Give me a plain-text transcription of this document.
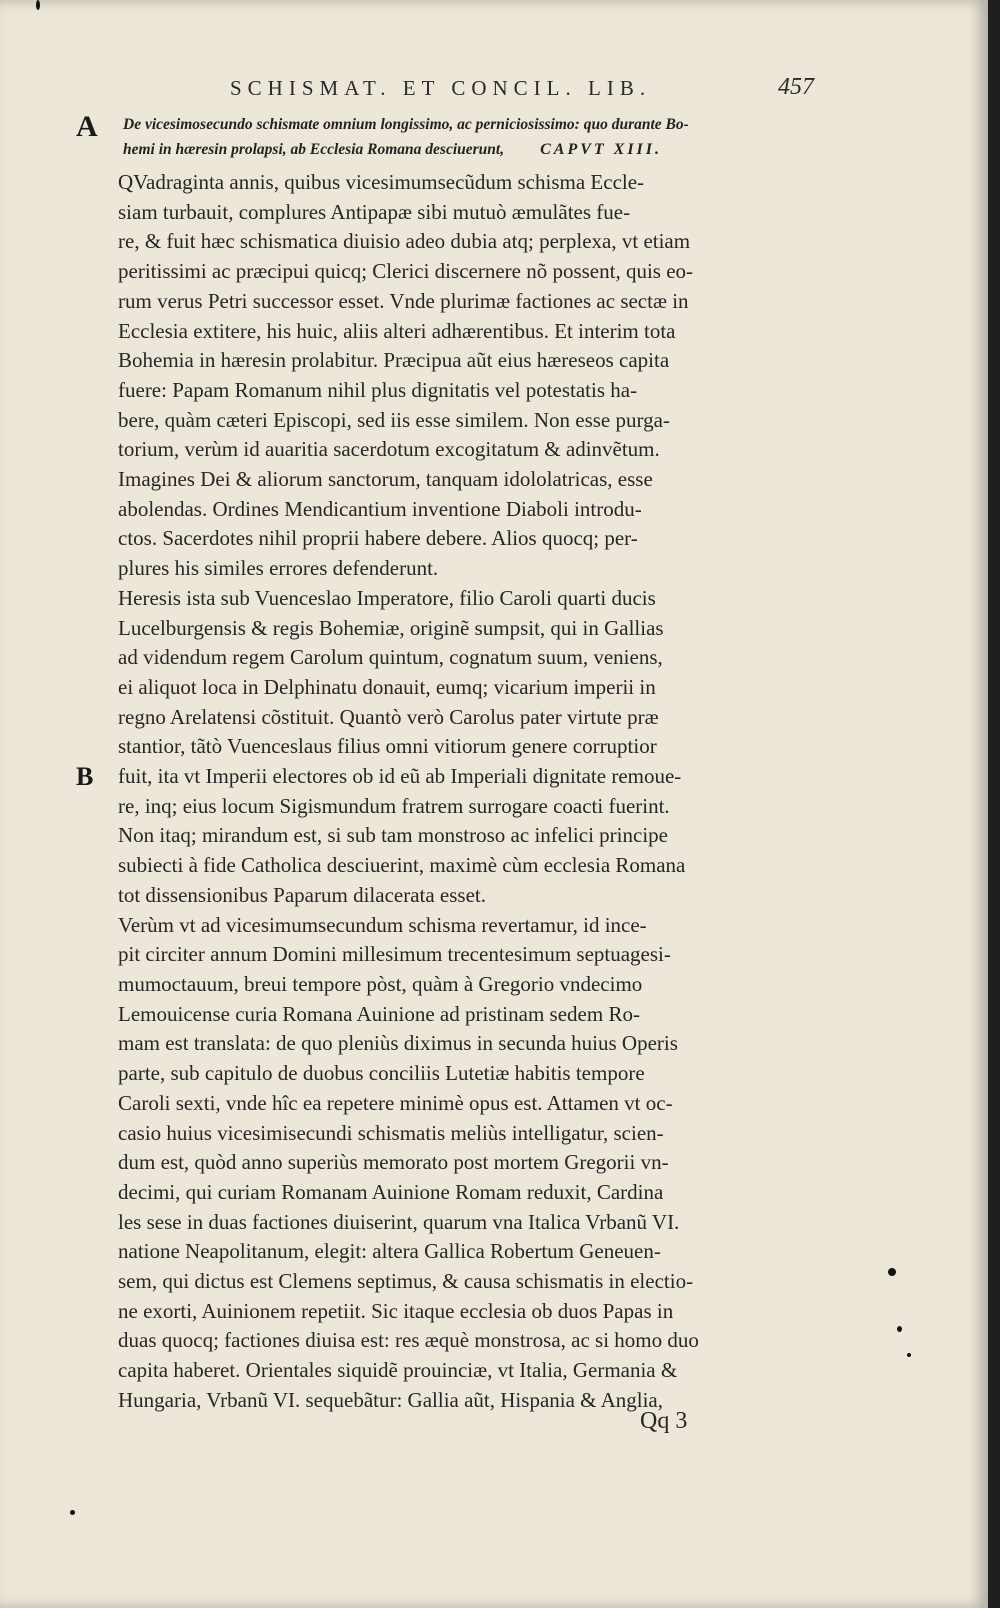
SCHISMAT. ET CONCIL. LIB.	457
A
B
De vicesimosecundo schismate omnium longissimo, ac perniciosissimo: quo durante Bo-
hemi in hæresin prolapsi, ab Ecclesia Romana desciuerunt, CAPVT XIII.
QVadraginta annis, quibus vicesimumsecũdum schisma Eccle-
siam turbauit, complures Antipapæ sibi mutuò æmulãtes fue-
re, & fuit hæc schismatica diuisio adeo dubia atq; perplexa, vt etiam
peritissimi ac præcipui quicq; Clerici discernere nõ possent, quis eo-
rum verus Petri successor esset. Vnde plurimæ factiones ac sectæ in
Ecclesia extitere, his huic, aliis alteri adhærentibus. Et interim tota
Bohemia in hæresin prolabitur. Præcipua aũt eius hæreseos capita
fuere: Papam Romanum nihil plus dignitatis vel potestatis ha-
bere, quàm cæteri Episcopi, sed iis esse similem. Non esse purga-
torium, verùm id auaritia sacerdotum excogitatum & adinvẽtum.
Imagines Dei & aliorum sanctorum, tanquam idololatricas, esse
abolendas. Ordines Mendicantium inventione Diaboli introdu-
ctos. Sacerdotes nihil proprii habere debere. Alios quocq; per-
plures his similes errores defenderunt.
Heresis ista sub Vuenceslao Imperatore, filio Caroli quarti ducis
Lucelburgensis & regis Bohemiæ, originẽ sumpsit, qui in Gallias
ad videndum regem Carolum quintum, cognatum suum, veniens,
ei aliquot loca in Delphinatu donauit, eumq; vicarium imperii in
regno Arelatensi cõstituit. Quantò verò Carolus pater virtute præ
stantior, tãtò Vuenceslaus filius omni vitiorum genere corruptior
fuit, ita vt Imperii electores ob id eũ ab Imperiali dignitate remoue-
re, inq; eius locum Sigismundum fratrem surrogare coacti fuerint.
Non itaq; mirandum est, si sub tam monstroso ac infelici principe
subiecti à fide Catholica desciuerint, maximè cùm ecclesia Romana
tot dissensionibus Paparum dilacerata esset.
Verùm vt ad vicesimumsecundum schisma revertamur, id ince-
pit circiter annum Domini millesimum trecentesimum septuagesi-
mumoctauum, breui tempore pòst, quàm à Gregorio vndecimo
Lemouicense curia Romana Auinione ad pristinam sedem Ro-
mam est translata: de quo pleniùs diximus in secunda huius Operis
parte, sub capitulo de duobus conciliis Lutetiæ habitis tempore
Caroli sexti, vnde hîc ea repetere minimè opus est. Attamen vt oc-
casio huius vicesimisecundi schismatis meliùs intelligatur, scien-
dum est, quòd anno superiùs memorato post mortem Gregorii vn-
decimi, qui curiam Romanam Auinione Romam reduxit, Cardina
les sese in duas factiones diuiserint, quarum vna Italica Vrbanũ VI.
natione Neapolitanum, elegit: altera Gallica Robertum Geneuen-
sem, qui dictus est Clemens septimus, & causa schismatis in electio-
ne exorti, Auinionem repetiit. Sic itaque ecclesia ob duos Papas in
duas quocq; factiones diuisa est: res æquè monstrosa, ac si homo duo
capita haberet. Orientales siquidẽ prouinciæ, vt Italia, Germania &
Hungaria, Vrbanũ VI. sequebãtur: Gallia aũt, Hispania & Anglia,
Qq 3
